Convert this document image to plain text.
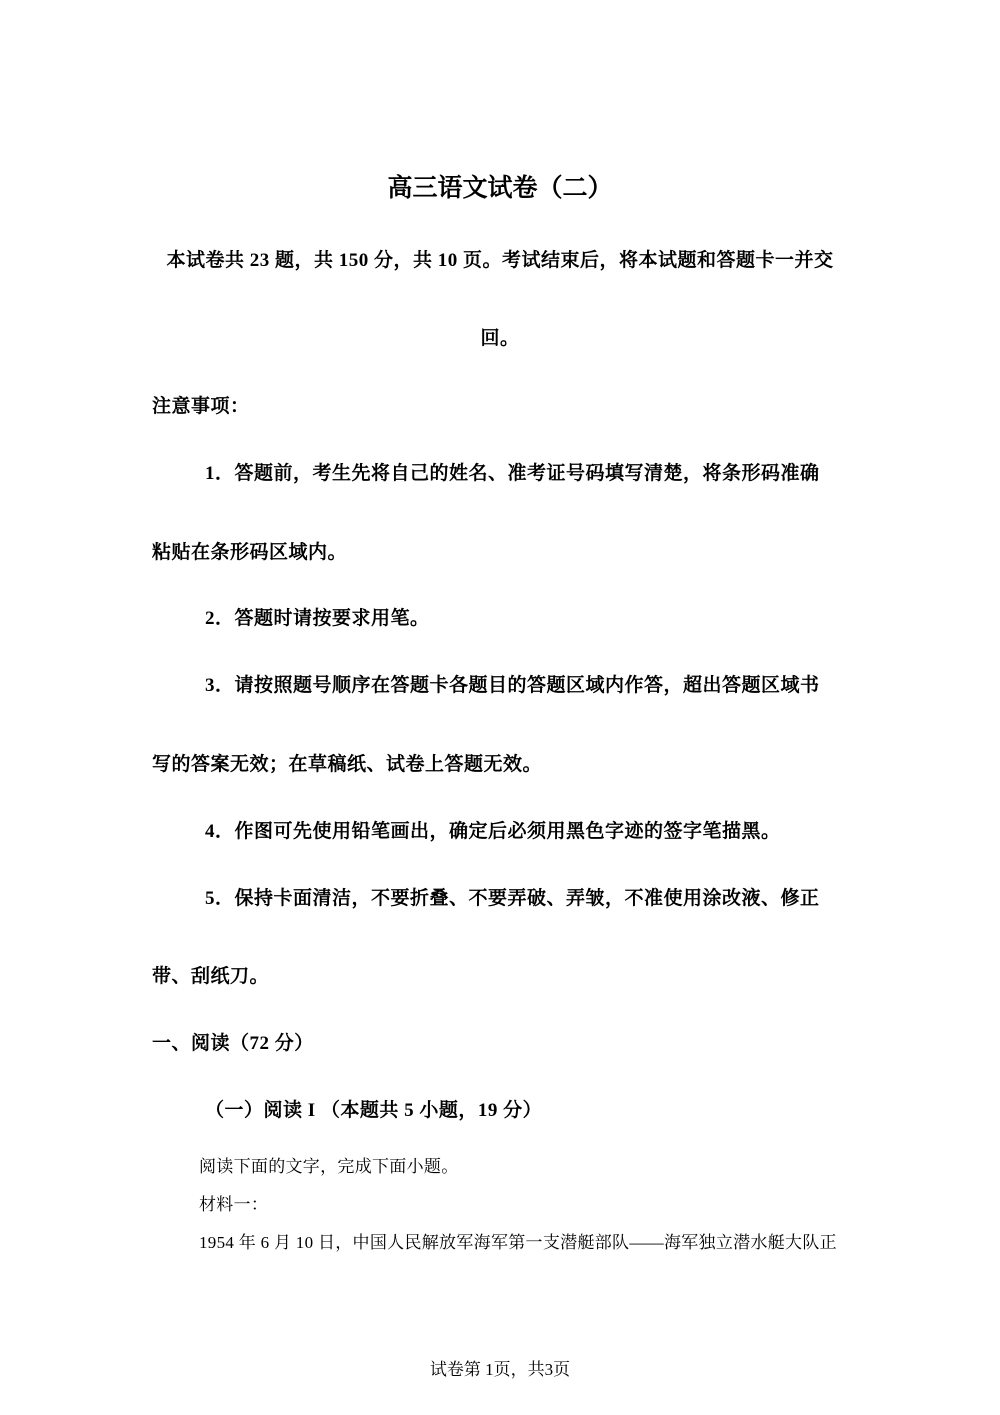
高三语文试卷（二）
本试卷共 23 题，共 150 分，共 10 页。考试结束后，将本试题和答题卡一并交
回。
注意事项：
1．答题前，考生先将自己的姓名、准考证号码填写清楚，将条形码准确
粘贴在条形码区域内。
2．答题时请按要求用笔。
3．请按照题号顺序在答题卡各题目的答题区域内作答，超出答题区域书
写的答案无效；在草稿纸、试卷上答题无效。
4．作图可先使用铅笔画出，确定后必须用黑色字迹的签字笔描黑。
5．保持卡面清洁，不要折叠、不要弄破、弄皱，不准使用涂改液、修正
带、刮纸刀。
一、阅读（72 分）
（一）阅读 I （本题共 5 小题，19 分）
阅读下面的文字，完成下面小题。
材料一：
1954 年 6 月 10 日，中国人民解放军海军第一支潜艇部队——海军独立潜水艇大队正
试卷第 1页，共3页
